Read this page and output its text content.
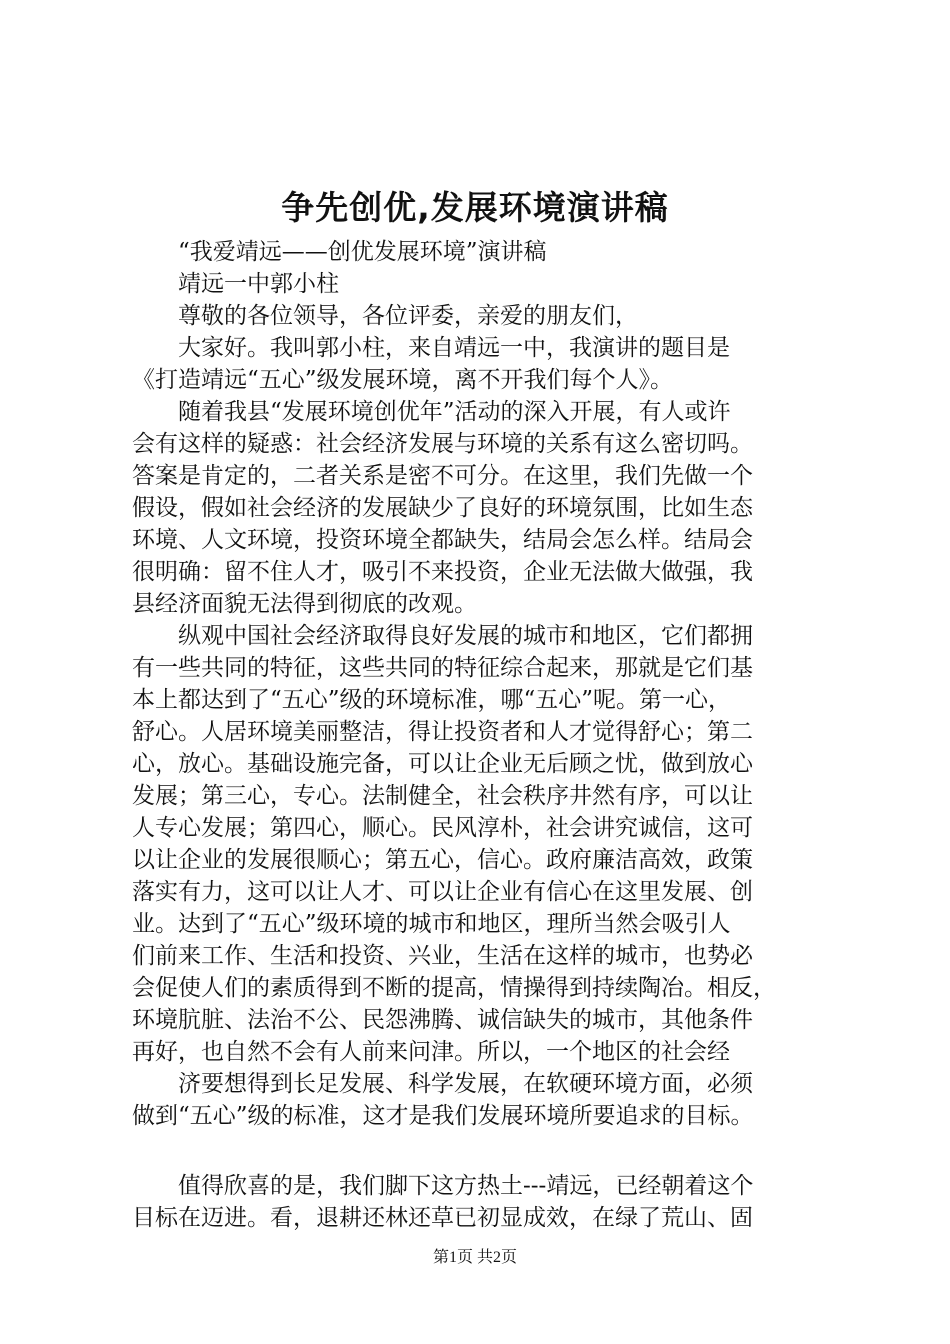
争先创优,发展环境演讲稿
“我爱靖远——创优发展环境”演讲稿
靖远一中郭小柱
尊敬的各位领导，各位评委，亲爱的朋友们，
大家好。我叫郭小柱，来自靖远一中，我演讲的题目是
《打造靖远“五心”级发展环境，离不开我们每个人》。
随着我县“发展环境创优年”活动的深入开展，有人或许
会有这样的疑惑：社会经济发展与环境的关系有这么密切吗。
答案是肯定的，二者关系是密不可分。在这里，我们先做一个
假设，假如社会经济的发展缺少了良好的环境氛围，比如生态
环境、人文环境，投资环境全都缺失，结局会怎么样。结局会
很明确：留不住人才，吸引不来投资，企业无法做大做强，我
县经济面貌无法得到彻底的改观。
纵观中国社会经济取得良好发展的城市和地区，它们都拥
有一些共同的特征，这些共同的特征综合起来，那就是它们基
本上都达到了“五心”级的环境标准，哪“五心”呢。第一心，
舒心。人居环境美丽整洁，得让投资者和人才觉得舒心；第二
心，放心。基础设施完备，可以让企业无后顾之忧，做到放心
发展；第三心，专心。法制健全，社会秩序井然有序，可以让
人专心发展；第四心，顺心。民风淳朴，社会讲究诚信，这可
以让企业的发展很顺心；第五心，信心。政府廉洁高效，政策
落实有力，这可以让人才、可以让企业有信心在这里发展、创
业。达到了“五心”级环境的城市和地区，理所当然会吸引人
们前来工作、生活和投资、兴业，生活在这样的城市，也势必
会促使人们的素质得到不断的提高，情操得到持续陶冶。相反，
环境肮脏、法治不公、民怨沸腾、诚信缺失的城市，其他条件
再好，也自然不会有人前来问津。所以，一个地区的社会经
济要想得到长足发展、科学发展，在软硬环境方面，必须
做到“五心”级的标准，这才是我们发展环境所要追求的目标。
值得欣喜的是，我们脚下这方热土---靖远，已经朝着这个
目标在迈进。看，退耕还林还草已初显成效，在绿了荒山、固
第1页 共2页
